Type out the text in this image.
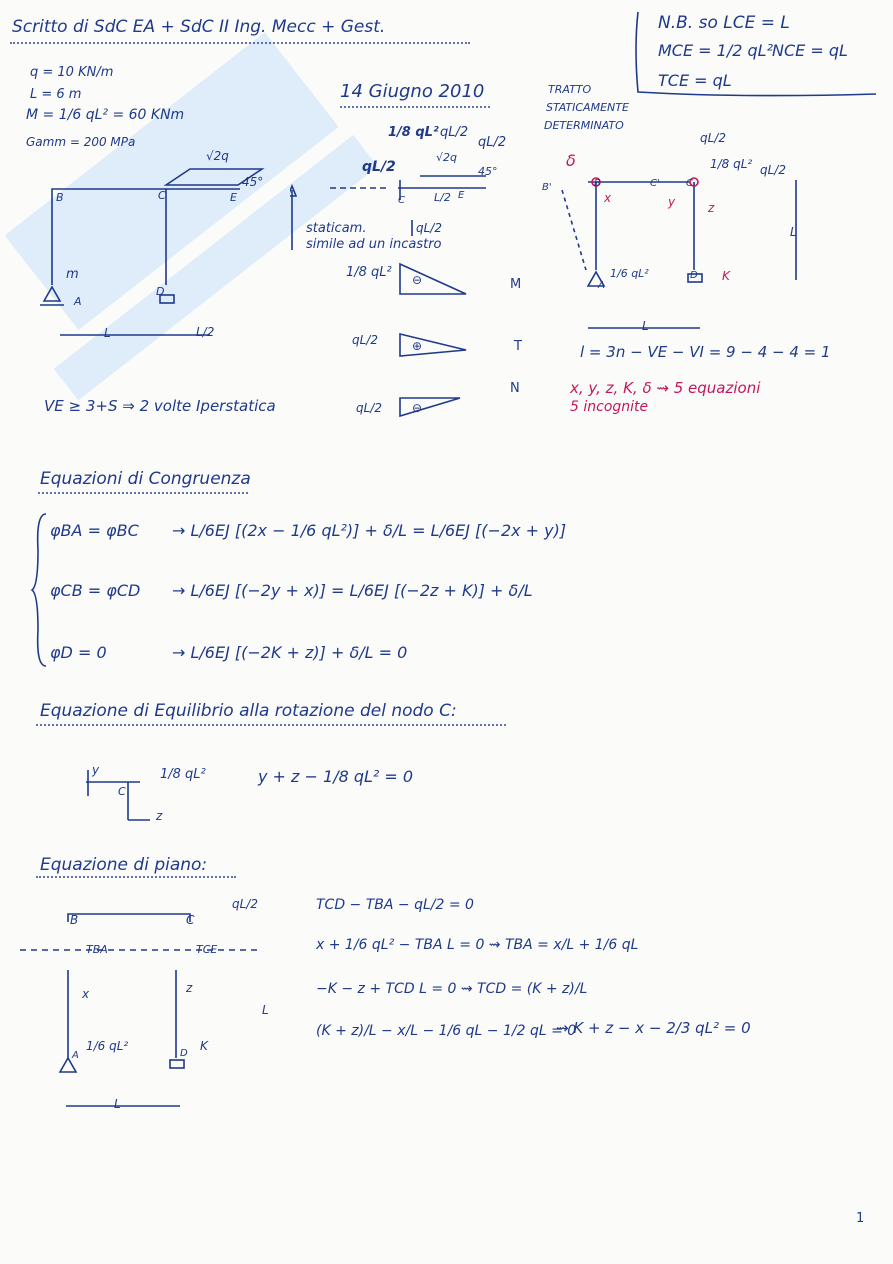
Scritto di SdC EA + SdC II Ing. Mecc + Gest.
14 Giugno 2010
N.B. so LCE = L
MCE = 1/2 qL² NCE = qL
TCE = qL
q = 10 KN/m
L = 6 m
M = 1/6 qL² = 60 KNm
Gamm = 200 MPa
B	C	E
A
D
m
√2q
45°
L	L/2
1/8 qL² qL/2
qL/2
√2q
45°
staticam.
simile ad un incastro
qL/2
L/2
C	E
qL/2
1/8 qL² ⊖	M
qL/2	⊕	T
qL/2	⊖
N
VE ≥ 3+S ⇒ 2 volte Iperstatica
TRATTO
STATICAMENTE
DETERMINATO
qL/2
1/8 qL² qL/2
δ
B'	B	C'	C
A
D
x	y	z
K
1/6 qL²
L
L
l = 3n − VE − VI = 9 − 4 − 4 = 1
x, y, z, K, δ ⇝ 5 equazioni
5 incognite
Equazioni di Congruenza
φBA = φBC → L/6EJ [(2x − 1/6 qL²)] + δ/L = L/6EJ [(−2x + y)]
φCB = φCD → L/6EJ [(−2y + x)] = L/6EJ [(−2z + K)] + δ/L
φD = 0	→ L/6EJ [(−2K + z)] + δ/L = 0
Equazione di Equilibrio alla rotazione del nodo C:
y
C
1/8 qL²
z
y + z − 1/8 qL² = 0
Equazione di piano:
B	C
qL/2
TBA	TCE
x	z
A	D
1/6 qL²	K
L
L
TCD − TBA − qL/2 = 0
x + 1/6 qL² − TBA L = 0 ⇝ TBA = x/L + 1/6 qL
−K − z + TCD L = 0 ⇝ TCD = (K + z)/L
(K + z)/L − x/L − 1/6 qL − 1/2 qL = 0
⇝ K + z − x − 2/3 qL² = 0
1
